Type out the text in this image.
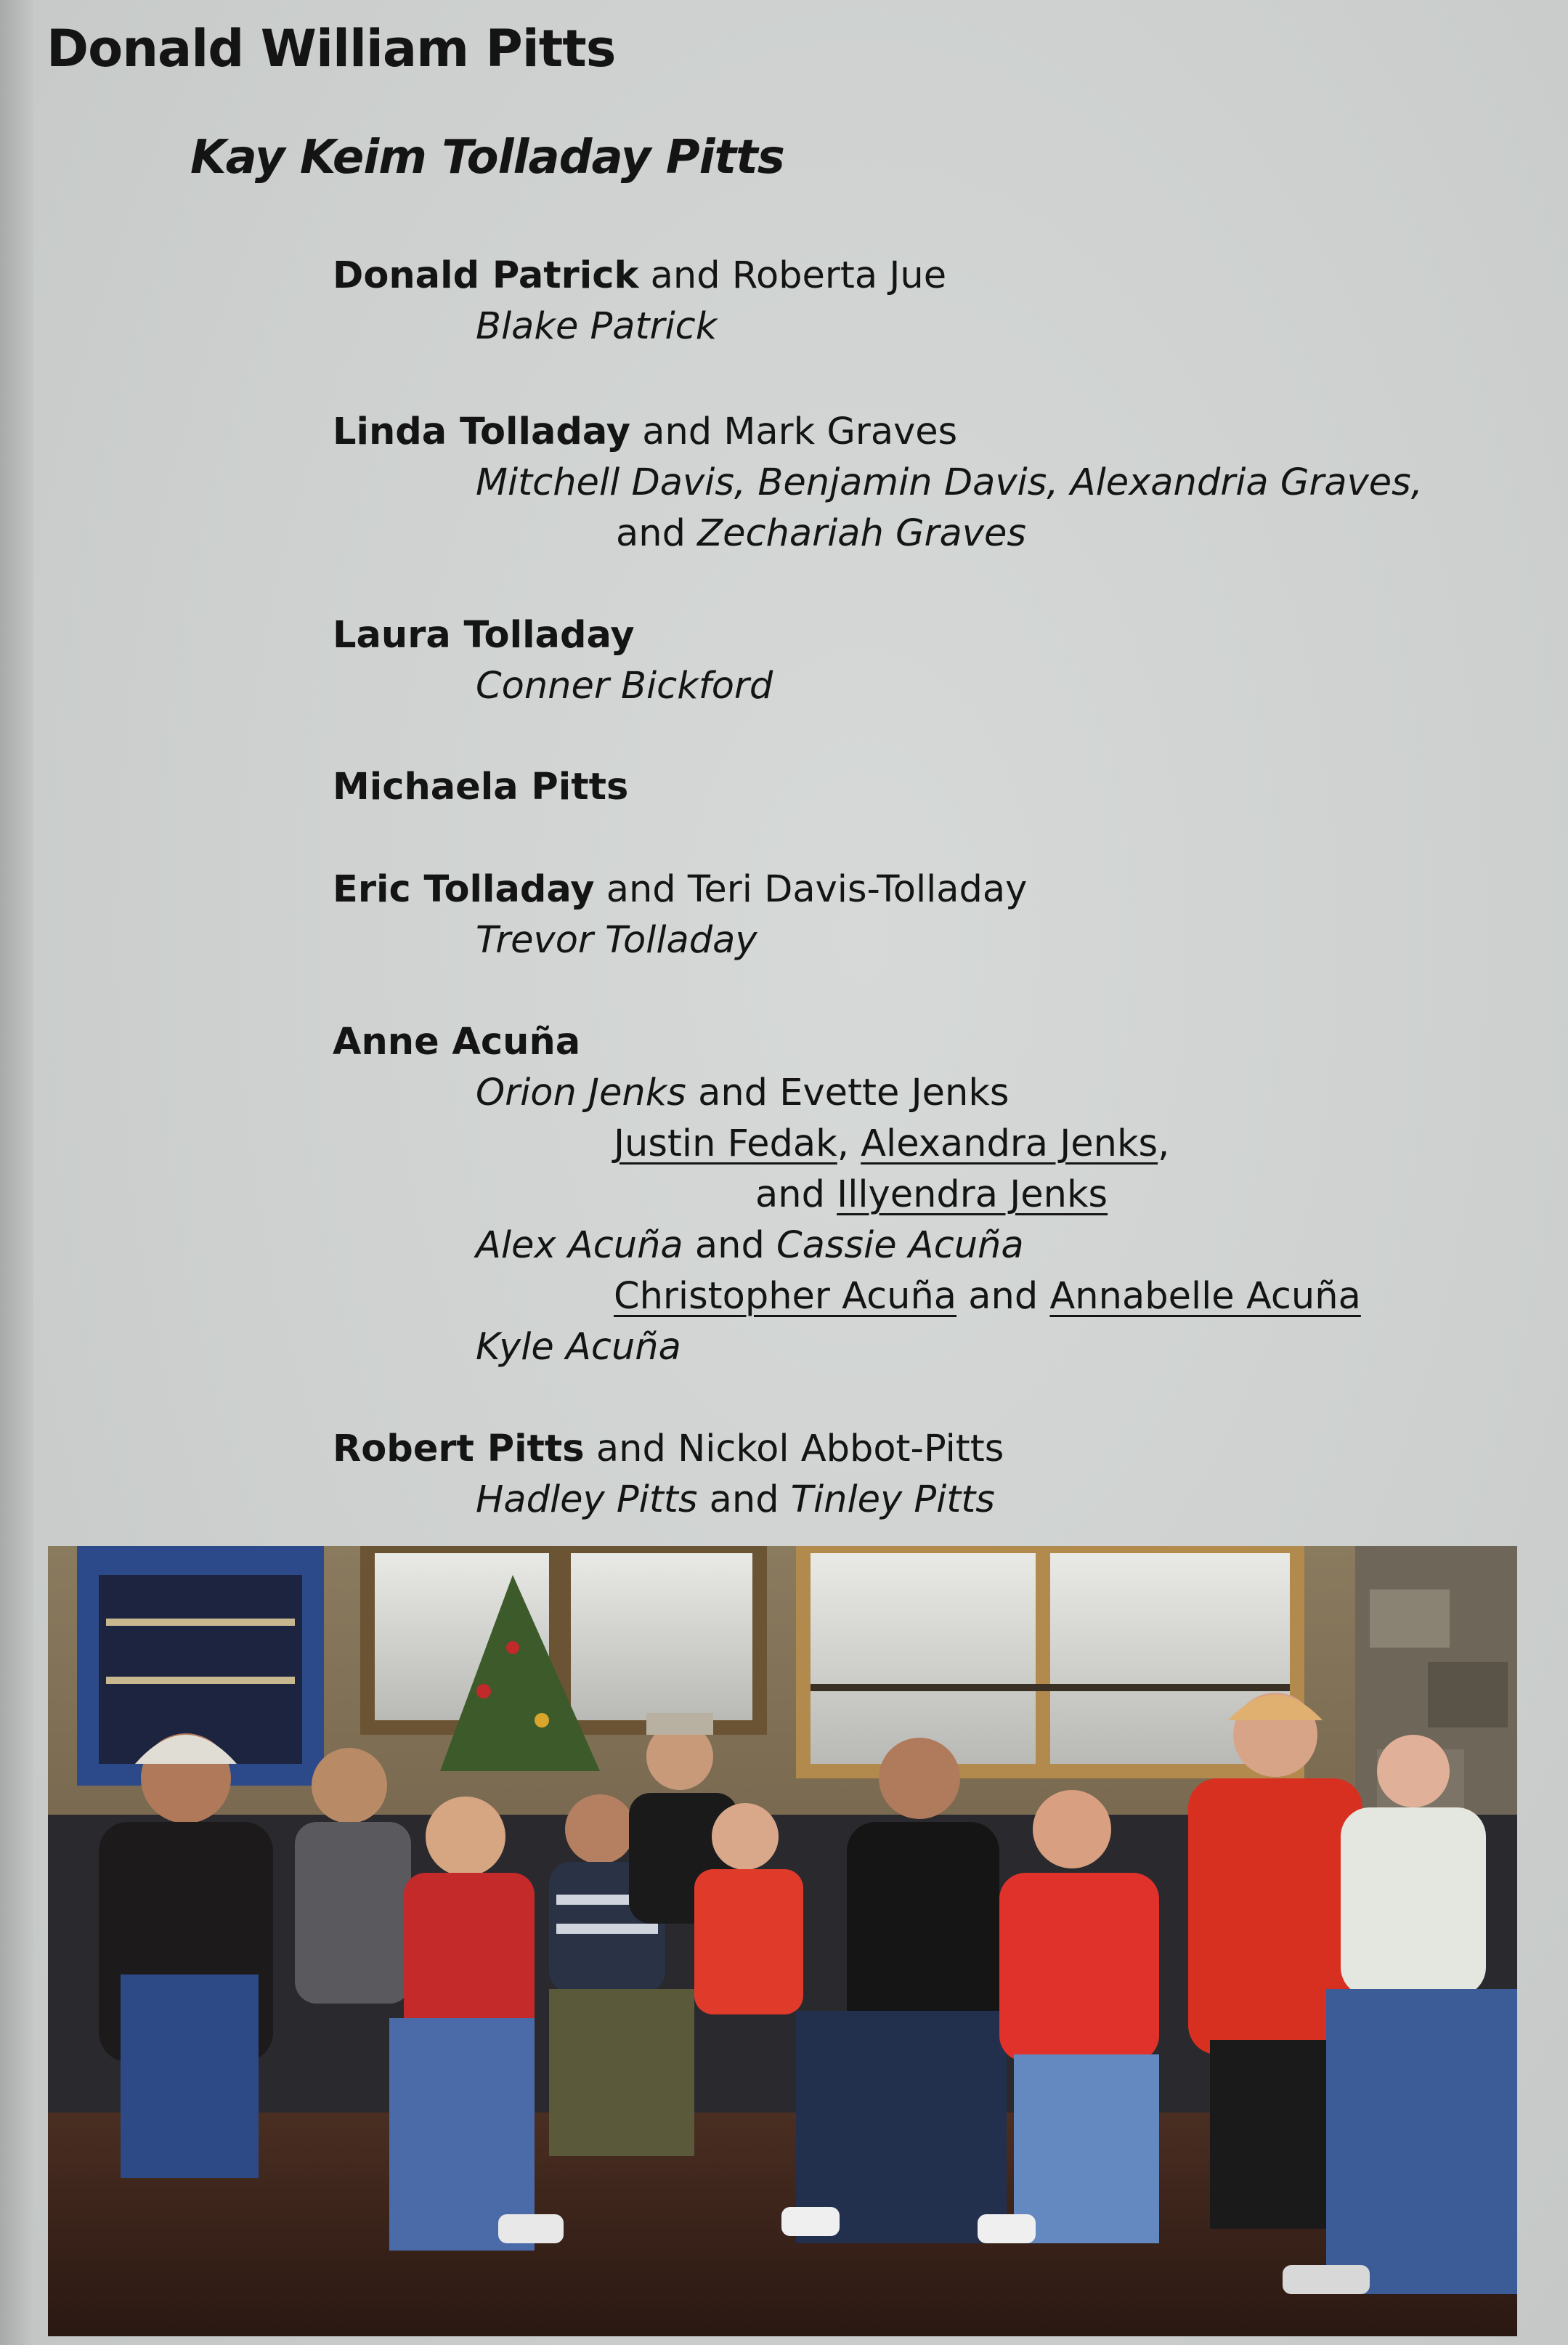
Donald William Pitts
Kay Keim Tolladay Pitts
Donald Patrick and Roberta Jue
Blake Patrick
Linda Tolladay and Mark Graves
Mitchell Davis, Benjamin Davis, Alexandria Graves,
and Zechariah Graves
Laura Tolladay
Conner Bickford
Michaela Pitts
Eric Tolladay and Teri Davis-Tolladay
Trevor Tolladay
Anne Acuña
Orion Jenks and Evette Jenks
Justin Fedak, Alexandra Jenks,
and Illyendra Jenks
Alex Acuña and Cassie Acuña
Christopher Acuña and Annabelle Acuña
Kyle Acuña
Robert Pitts and Nickol Abbot-Pitts
Hadley Pitts and Tinley Pitts
